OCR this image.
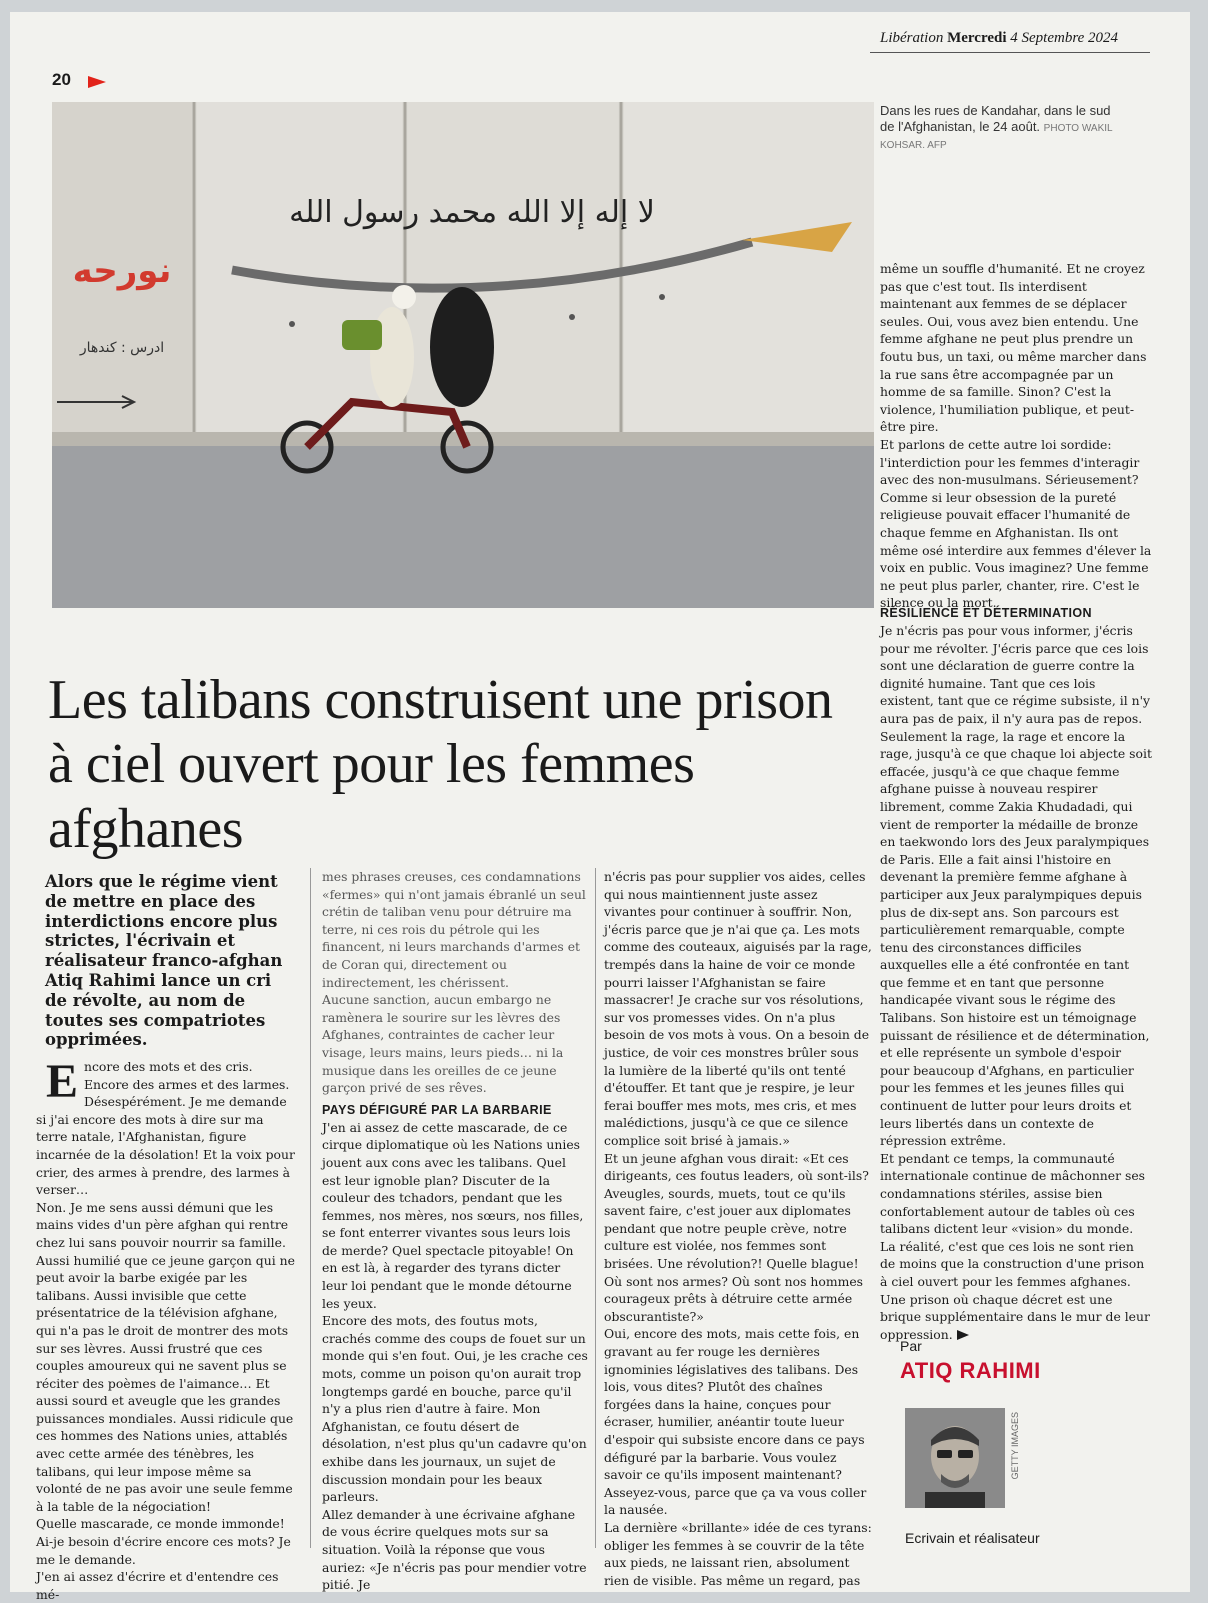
20
Libération Mercredi 4 Septembre 2024
لا إله إلا الله محمد رسول الله
نورحه
ادرس : كندهار
Dans les rues de Kandahar, dans le sud de l'Afghanistan, le 24 août. PHOTO WAKIL KOHSAR. AFP
Les talibans construisent une prison à ciel ouvert pour les femmes afghanes
Alors que le régime vient de mettre en place des interdictions encore plus strictes, l'écrivain et réalisateur franco-afghan Atiq Rahimi lance un cri de révolte, au nom de toutes ses compatriotes opprimées.
Encore des mots et des cris. Encore des armes et des larmes. Désespérément. Je me demande si j'ai encore des mots à dire sur ma terre natale, l'Afghanistan, figure incarnée de la désolation! Et la voix pour crier, des armes à prendre, des larmes à verser…
Non. Je me sens aussi démuni que les mains vides d'un père afghan qui rentre chez lui sans pouvoir nourrir sa famille. Aussi humilié que ce jeune garçon qui ne peut avoir la barbe exigée par les talibans. Aussi invisible que cette présentatrice de la télévision afghane, qui n'a pas le droit de montrer des mots sur ses lèvres. Aussi frustré que ces couples amoureux qui ne savent plus se réciter des poèmes de l'aimance… Et aussi sourd et aveugle que les grandes puissances mondiales. Aussi ridicule que ces hommes des Nations unies, attablés avec cette armée des ténèbres, les talibans, qui leur impose même sa volonté de ne pas avoir une seule femme à la table de la négociation!
Quelle mascarade, ce monde immonde! Ai-je besoin d'écrire encore ces mots? Je me le demande.
J'en ai assez d'écrire et d'entendre ces mé-
mes phrases creuses, ces condamnations «fermes» qui n'ont jamais ébranlé un seul crétin de taliban venu pour détruire ma terre, ni ces rois du pétrole qui les financent, ni leurs marchands d'armes et de Coran qui, directement ou indirectement, les chérissent.
Aucune sanction, aucun embargo ne ramènera le sourire sur les lèvres des Afghanes, contraintes de cacher leur visage, leurs mains, leurs pieds… ni la musique dans les oreilles de ce jeune garçon privé de ses rêves.
PAYS DÉFIGURÉ PAR LA BARBARIE
J'en ai assez de cette mascarade, de ce cirque diplomatique où les Nations unies jouent aux cons avec les talibans. Quel est leur ignoble plan? Discuter de la couleur des tchadors, pendant que les femmes, nos mères, nos sœurs, nos filles, se font enterrer vivantes sous leurs lois de merde? Quel spectacle pitoyable! On en est là, à regarder des tyrans dicter leur loi pendant que le monde détourne les yeux.
Encore des mots, des foutus mots, crachés comme des coups de fouet sur un monde qui s'en fout. Oui, je les crache ces mots, comme un poison qu'on aurait trop longtemps gardé en bouche, parce qu'il n'y a plus rien d'autre à faire. Mon Afghanistan, ce foutu désert de désolation, n'est plus qu'un cadavre qu'on exhibe dans les journaux, un sujet de discussion mondain pour les beaux parleurs.
Allez demander à une écrivaine afghane de vous écrire quelques mots sur sa situation. Voilà la réponse que vous auriez: «Je n'écris pas pour mendier votre pitié. Je
n'écris pas pour supplier vos aides, celles qui nous maintiennent juste assez vivantes pour continuer à souffrir. Non, j'écris parce que je n'ai que ça. Les mots comme des couteaux, aiguisés par la rage, trempés dans la haine de voir ce monde pourri laisser l'Afghanistan se faire massacrer! Je crache sur vos résolutions, sur vos promesses vides. On n'a plus besoin de vos mots à vous. On a besoin de justice, de voir ces monstres brûler sous la lumière de la liberté qu'ils ont tenté d'étouffer. Et tant que je respire, je leur ferai bouffer mes mots, mes cris, et mes malédictions, jusqu'à ce que ce silence complice soit brisé à jamais.»
Et un jeune afghan vous dirait: «Et ces dirigeants, ces foutus leaders, où sont-ils? Aveugles, sourds, muets, tout ce qu'ils savent faire, c'est jouer aux diplomates pendant que notre peuple crève, notre culture est violée, nos femmes sont brisées. Une révolution?! Quelle blague! Où sont nos armes? Où sont nos hommes courageux prêts à détruire cette armée obscurantiste?»
Oui, encore des mots, mais cette fois, en gravant au fer rouge les dernières ignominies législatives des talibans. Des lois, vous dites? Plutôt des chaînes forgées dans la haine, conçues pour écraser, humilier, anéantir toute lueur d'espoir qui subsiste encore dans ce pays défiguré par la barbarie. Vous voulez savoir ce qu'ils imposent maintenant? Asseyez-vous, parce que ça va vous coller la nausée.
La dernière «brillante» idée de ces tyrans: obliger les femmes à se couvrir de la tête aux pieds, ne laissant rien, absolument rien de visible. Pas même un regard, pas
même un souffle d'humanité. Et ne croyez pas que c'est tout. Ils interdisent maintenant aux femmes de se déplacer seules. Oui, vous avez bien entendu. Une femme afghane ne peut plus prendre un foutu bus, un taxi, ou même marcher dans la rue sans être accompagnée par un homme de sa famille. Sinon? C'est la violence, l'humiliation publique, et peut-être pire.
Et parlons de cette autre loi sordide: l'interdiction pour les femmes d'interagir avec des non-musulmans. Sérieusement? Comme si leur obsession de la pureté religieuse pouvait effacer l'humanité de chaque femme en Afghanistan. Ils ont même osé interdire aux femmes d'élever la voix en public. Vous imaginez? Une femme ne peut plus parler, chanter, rire. C'est le silence ou la mort.
RÉSILIENCE ET DÉTERMINATION
Je n'écris pas pour vous informer, j'écris pour me révolter. J'écris parce que ces lois sont une déclaration de guerre contre la dignité humaine. Tant que ces lois existent, tant que ce régime subsiste, il n'y aura pas de paix, il n'y aura pas de repos. Seulement la rage, la rage et encore la rage, jusqu'à ce que chaque loi abjecte soit effacée, jusqu'à ce que chaque femme afghane puisse à nouveau respirer librement, comme Zakia Khudadadi, qui vient de remporter la médaille de bronze en taekwondo lors des Jeux paralympiques de Paris. Elle a fait ainsi l'histoire en devenant la première femme afghane à participer aux Jeux paralympiques depuis plus de dix-sept ans. Son parcours est particulièrement remarquable, compte tenu des circonstances difficiles auxquelles elle a été confrontée en tant que femme et en tant que personne handicapée vivant sous le régime des Talibans. Son histoire est un témoignage puissant de résilience et de détermination, et elle représente un symbole d'espoir pour beaucoup d'Afghans, en particulier pour les femmes et les jeunes filles qui continuent de lutter pour leurs droits et leurs libertés dans un contexte de répression extrême.
Et pendant ce temps, la communauté internationale continue de mâchonner ses condamnations stériles, assise bien confortablement autour de tables où ces talibans dictent leur «vision» du monde. La réalité, c'est que ces lois ne sont rien de moins que la construction d'une prison à ciel ouvert pour les femmes afghanes. Une prison où chaque décret est une brique supplémentaire dans le mur de leur oppression.
Par
ATIQ RAHIMI
GETTY IMAGES
Ecrivain et réalisateur
